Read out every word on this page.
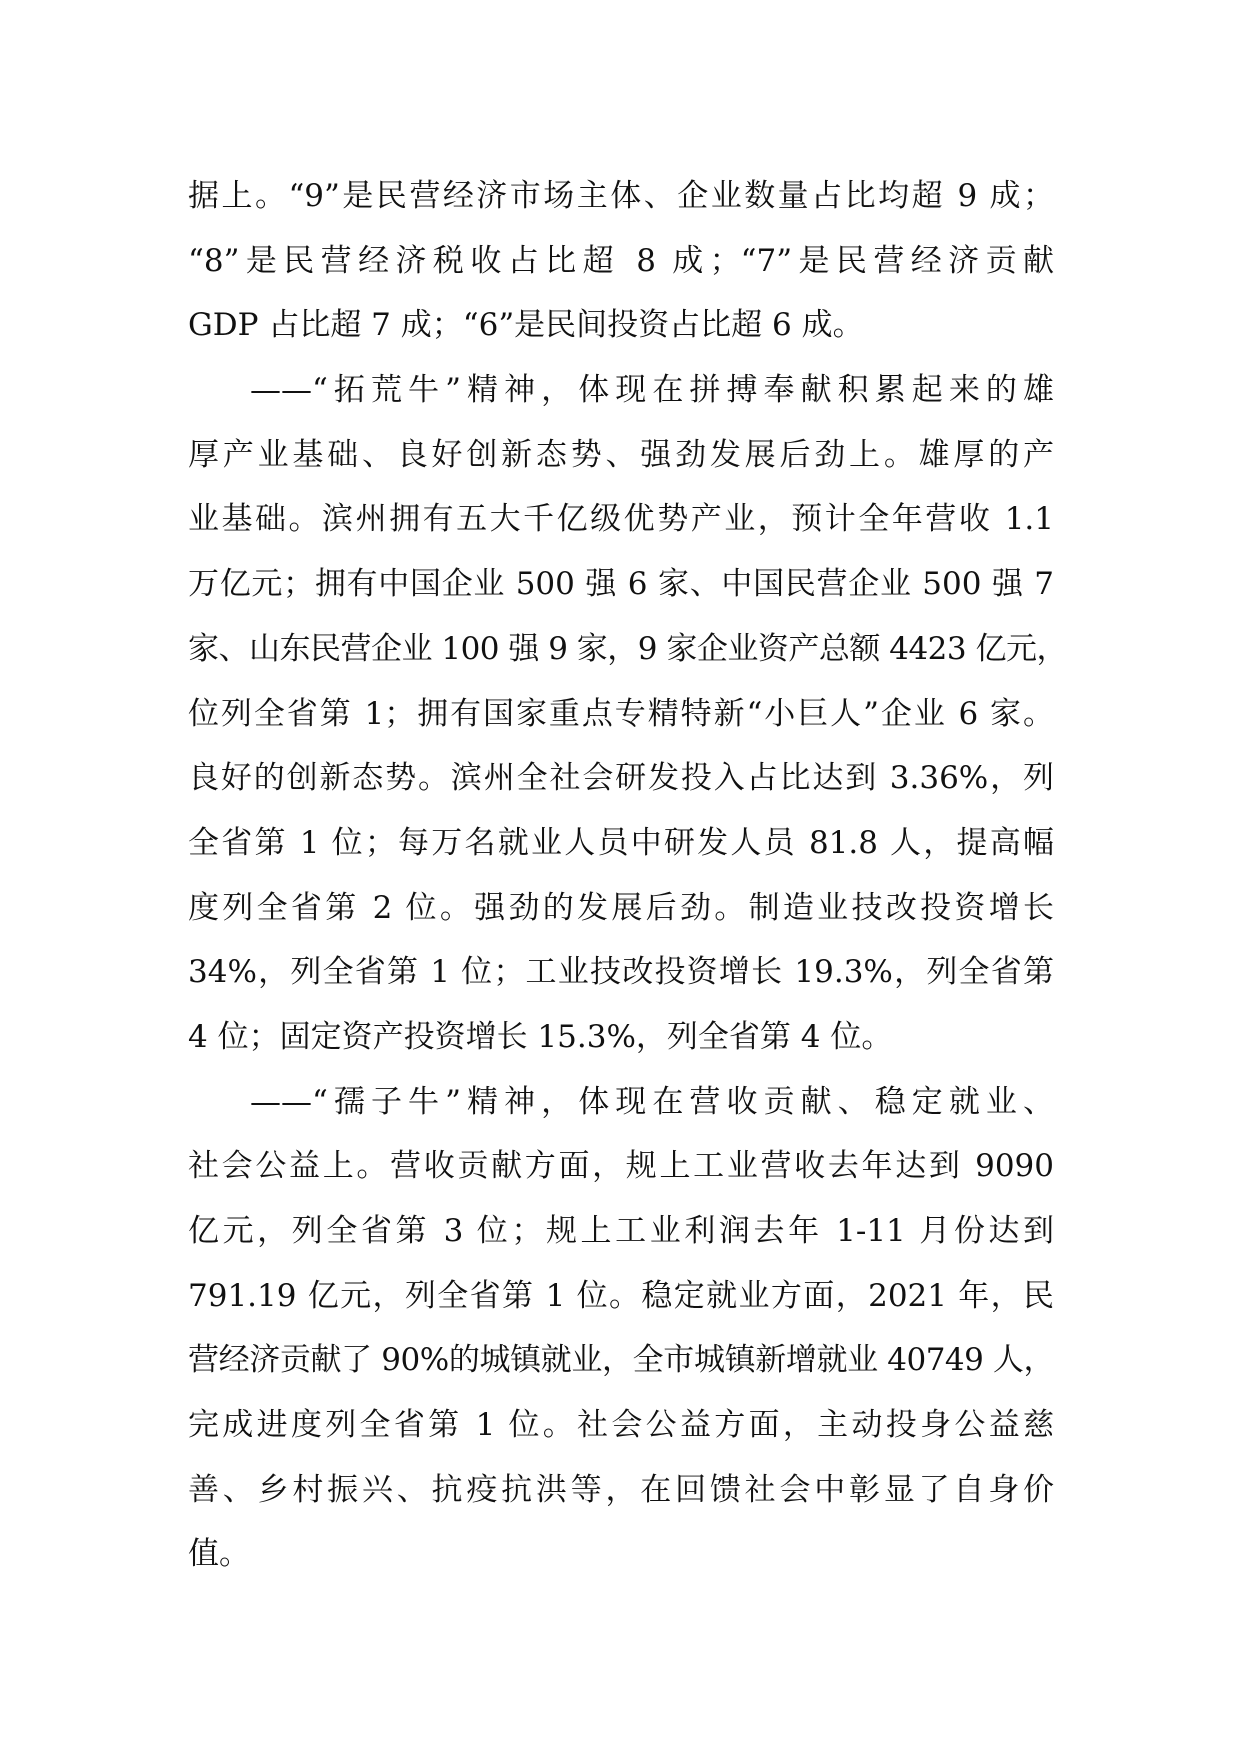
据上。“9”是民营经济市场主体、企业数量占比均超 9 成；
“8”是民营经济税收占比超 8 成；“7”是民营经济贡献
GDP 占比超 7 成；“6”是民间投资占比超 6 成。
——“拓荒牛”精神，体现在拼搏奉献积累起来的雄
厚产业基础、良好创新态势、强劲发展后劲上。雄厚的产
业基础。滨州拥有五大千亿级优势产业，预计全年营收 1.1
万亿元；拥有中国企业 500 强 6 家、中国民营企业 500 强 7
家、山东民营企业 100 强 9 家，9 家企业资产总额 4423 亿元，
位列全省第 1；拥有国家重点专精特新“小巨人”企业 6 家。
良好的创新态势。滨州全社会研发投入占比达到 3.36%，列
全省第 1 位；每万名就业人员中研发人员 81.8 人，提高幅
度列全省第 2 位。强劲的发展后劲。制造业技改投资增长
34%，列全省第 1 位；工业技改投资增长 19.3%，列全省第
4 位；固定资产投资增长 15.3%，列全省第 4 位。
——“孺子牛”精神，体现在营收贡献、稳定就业、
社会公益上。营收贡献方面，规上工业营收去年达到 9090
亿元，列全省第 3 位；规上工业利润去年 1-11 月份达到
791.19 亿元，列全省第 1 位。稳定就业方面，2021 年，民
营经济贡献了 90%的城镇就业，全市城镇新增就业 40749 人，
完成进度列全省第 1 位。社会公益方面，主动投身公益慈
善、乡村振兴、抗疫抗洪等，在回馈社会中彰显了自身价
值。
